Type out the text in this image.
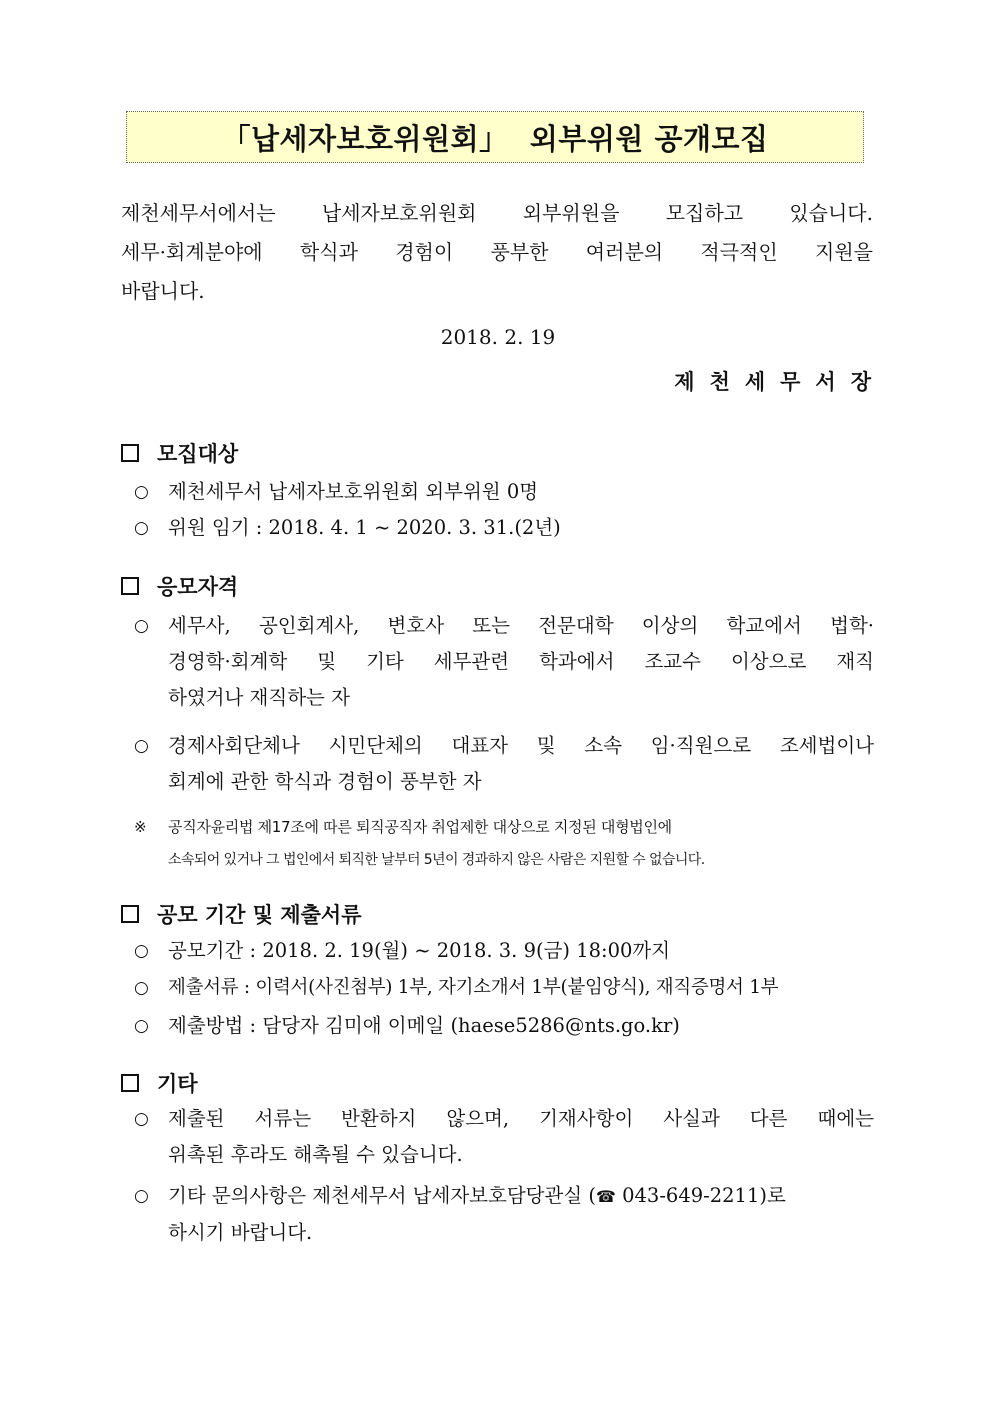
「납세자보호위원회」  외부위원 공개모집
제천세무서에서는 납세자보호위원회 외부위원을 모집하고 있습니다.
세무·회계분야에 학식과 경험이 풍부한 여러분의 적극적인 지원을
바랍니다.
2018. 2. 19
제천세무서장
모집대상
○ 제천세무서 납세자보호위원회 외부위원 0명
○ 위원 임기 : 2018. 4. 1 ~ 2020. 3. 31.(2년)
응모자격
○ 세무사, 공인회계사, 변호사 또는 전문대학 이상의 학교에서 법학·
경영학·회계학 및 기타 세무관련 학과에서 조교수 이상으로 재직
하였거나 재직하는 자
○ 경제사회단체나 시민단체의 대표자 및 소속 임·직원으로 조세법이나
회계에 관한 학식과 경험이 풍부한 자
※ 공직자윤리법 제17조에 따른 퇴직공직자 취업제한 대상으로 지정된 대형법인에
소속되어 있거나 그 법인에서 퇴직한 날부터 5년이 경과하지 않은 사람은 지원할 수 없습니다.
공모 기간 및 제출서류
○ 공모기간 : 2018. 2. 19(월) ~ 2018. 3. 9(금) 18:00까지
○	제출서류 : 이력서(사진첨부) 1부, 자기소개서 1부(붙임양식), 재직증명서 1부
○ 제출방법 : 담당자 김미애 이메일 (haese5286@nts.go.kr)
기타
○ 제출된 서류는 반환하지 않으며, 기재사항이 사실과 다른 때에는
위촉된 후라도 해촉될 수 있습니다.
○ 기타 문의사항은 제천세무서 납세자보호담당관실 (☎ 043-649-2211)로
하시기 바랍니다.
